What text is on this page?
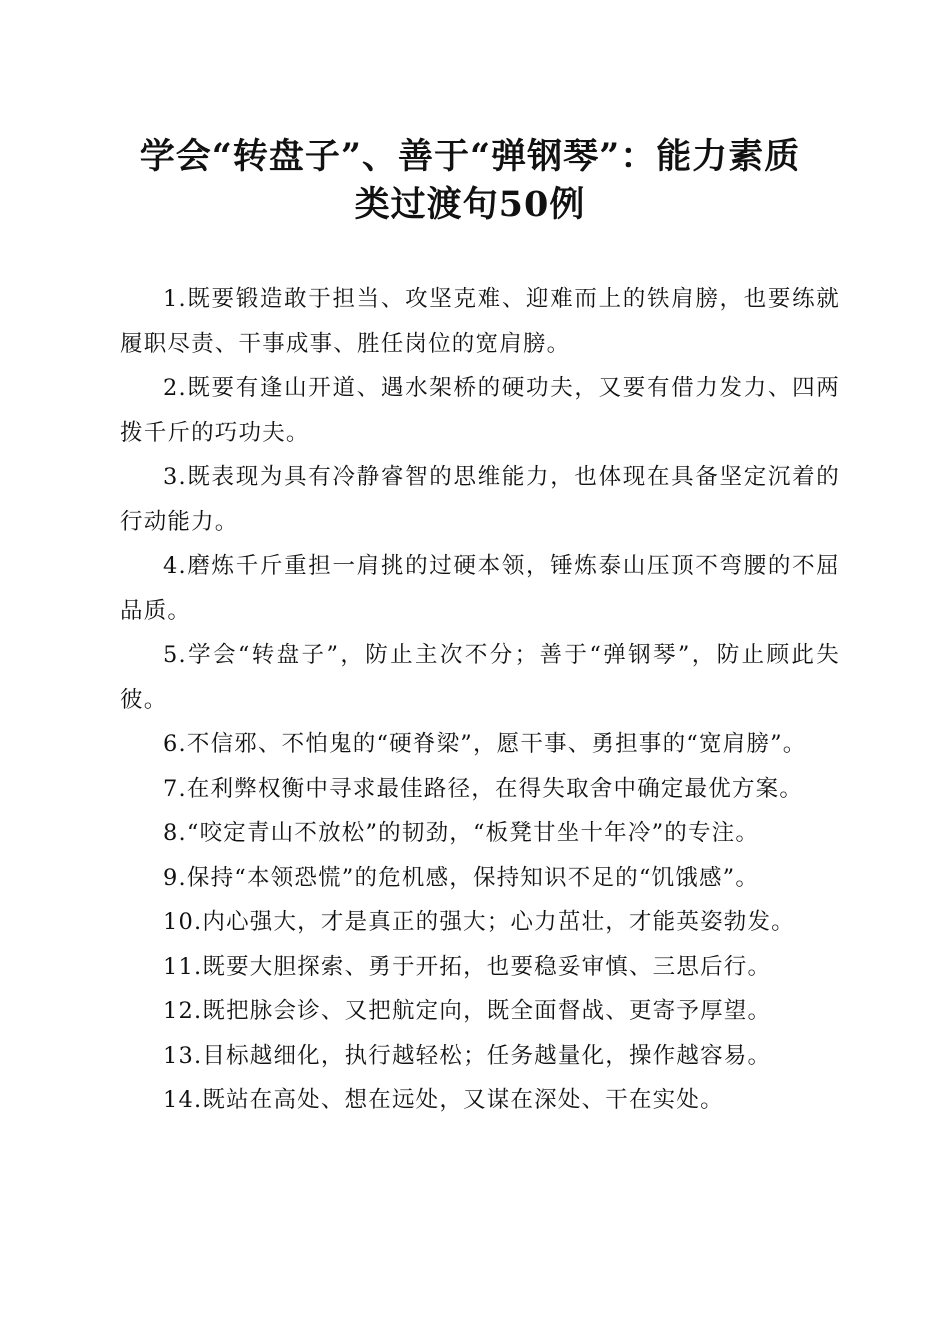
学会“转盘子”、善于“弹钢琴”：能力素质
类过渡句50例

1.既要锻造敢于担当、攻坚克难、迎难而上的铁肩膀，也要练就履职尽责、干事成事、胜任岗位的宽肩膀。

2.既要有逢山开道、遇水架桥的硬功夫，又要有借力发力、四两拨千斤的巧功夫。

3.既表现为具有冷静睿智的思维能力，也体现在具备坚定沉着的行动能力。

4.磨炼千斤重担一肩挑的过硬本领，锤炼泰山压顶不弯腰的不屈品质。

5.学会“转盘子”，防止主次不分；善于“弹钢琴”，防止顾此失彼。

6.不信邪、不怕鬼的“硬脊梁”，愿干事、勇担事的“宽肩膀”。

7.在利弊权衡中寻求最佳路径，在得失取舍中确定最优方案。

8.“咬定青山不放松”的韧劲，“板凳甘坐十年冷”的专注。

9.保持“本领恐慌”的危机感，保持知识不足的“饥饿感”。

10.内心强大，才是真正的强大；心力茁壮，才能英姿勃发。

11.既要大胆探索、勇于开拓，也要稳妥审慎、三思后行。

12.既把脉会诊、又把航定向，既全面督战、更寄予厚望。

13.目标越细化，执行越轻松；任务越量化，操作越容易。

14.既站在高处、想在远处，又谋在深处、干在实处。
